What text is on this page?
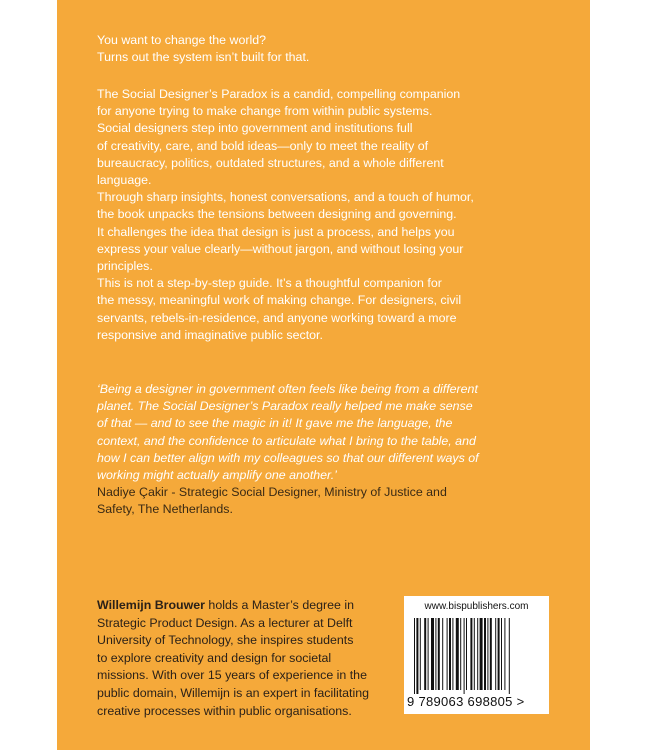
You want to change the world?
Turns out the system isn’t built for that.
The Social Designer’s Paradox is a candid, compelling companion
for anyone trying to make change from within public systems.
Social designers step into government and institutions full
of creativity, care, and bold ideas—only to meet the reality of
bureaucracy, politics, outdated structures, and a whole different
language.
Through sharp insights, honest conversations, and a touch of humor,
the book unpacks the tensions between designing and governing.
It challenges the idea that design is just a process, and helps you
express your value clearly—without jargon, and without losing your
principles.
This is not a step-by-step guide. It’s a thoughtful companion for
the messy, meaningful work of making change. For designers, civil
servants, rebels-in-residence, and anyone working toward a more
responsive and imaginative public sector.
‘Being a designer in government often feels like being from a different
planet. The Social Designer’s Paradox really helped me make sense
of that — and to see the magic in it! It gave me the language, the
context, and the confidence to articulate what I bring to the table, and
how I can better align with my colleagues so that our different ways of
working might actually amplify one another.’
Nadiye Çakir - Strategic Social Designer, Ministry of Justice and
Safety, The Netherlands.
Willemijn Brouwer holds a Master’s degree in
Strategic Product Design. As a lecturer at Delft
University of Technology, she inspires students
to explore creativity and design for societal
missions. With over 15 years of experience in the
public domain, Willemijn is an expert in facilitating
creative processes within public organisations.
www.bispublishers.com
9 789063 698805 >
